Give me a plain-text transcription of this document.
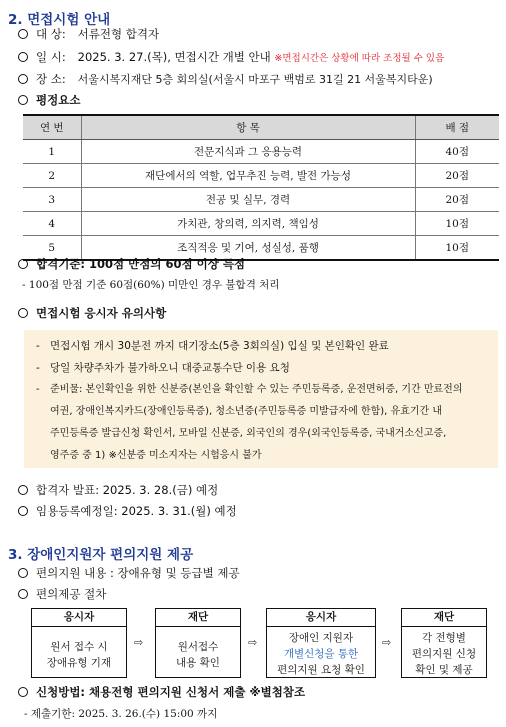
2. 면접시험 안내
대 상: 서류전형 합격자
일 시: 2025. 3. 27.(목), 면접시간 개별 안내 ※면접시간은 상황에 따라 조정될 수 있음
장 소: 서울시복지재단 5층 회의실(서울시 마포구 백범로 31길 21 서울복지타운)
평정요소
연 번	항 목	배 점
1	전문지식과 그 응용능력	40점
2	재단에서의 역할, 업무추진 능력, 발전 가능성	20점
3	전공 및 실무, 경력	20점
4	가치관, 창의력, 의지력, 책임성	10점
5	조직적응 및 기여, 성실성, 품행	10점
합격기준: 100점 만점의 60점 이상 득점
- 100점 만점 기준 60점(60%) 미만인 경우 불합격 처리
면접시험 응시자 유의사항
- 면접시험 개시 30분전 까지 대기장소(5층 3회의실) 입실 및 본인확인 완료
- 당일 차량주차가 불가하오니 대중교통수단 이용 요청
- 준비물: 본인확인을 위한 신분증(본인을 확인할 수 있는 주민등록증, 운전면허증, 기간 만료전의
여권, 장애인복지카드(장애인등록증), 청소년증(주민등록증 미발급자에 한함), 유효기간 내
주민등록증 발급신청 확인서, 모바일 신분증, 외국인의 경우(외국인등록증, 국내거소신고증,
영주증 중 1) ※신분증 미소지자는 시험응시 불가
합격자 발표: 2025. 3. 28.(금) 예정
임용등록예정일: 2025. 3. 31.(월) 예정
3. 장애인지원자 편의지원 제공
편의지원 내용 : 장애유형 및 등급별 제공
편의제공 절차
응시자
원서 접수 시
장애유형 기재
⇨
재단
원서접수
내용 확인
⇨
응시자
장애인 지원자
개별신청을 통한
편의지원 요청 확인
⇨
재단
각 전형별
편의지원 신청
확인 및 제공
신청방법: 채용전형 편의지원 신청서 제출 ※별첨참조
- 제출기한: 2025. 3. 26.(수) 15:00 까지
